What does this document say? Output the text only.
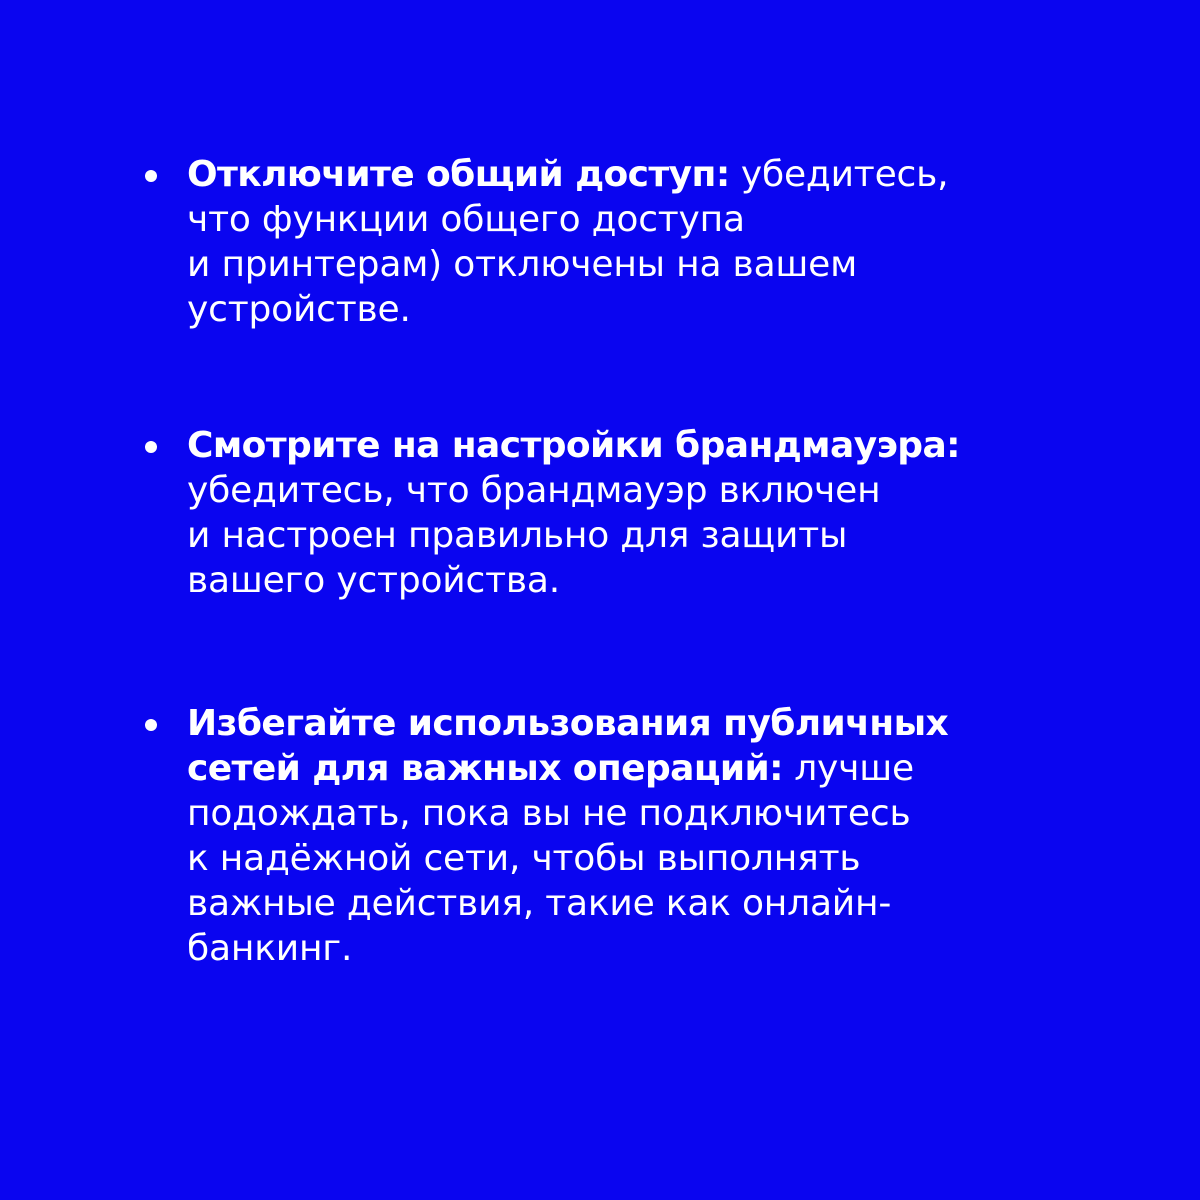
Отключите общий доступ: убедитесь,
что функции общего доступа
и принтерам) отключены на вашем
устройстве.
Смотрите на настройки брандмауэра:
убедитесь, что брандмауэр включен
и настроен правильно для защиты
вашего устройства.
Избегайте использования публичных
сетей для важных операций: лучше
подождать, пока вы не подключитесь
к надёжной сети, чтобы выполнять
важные действия, такие как онлайн-
банкинг.
